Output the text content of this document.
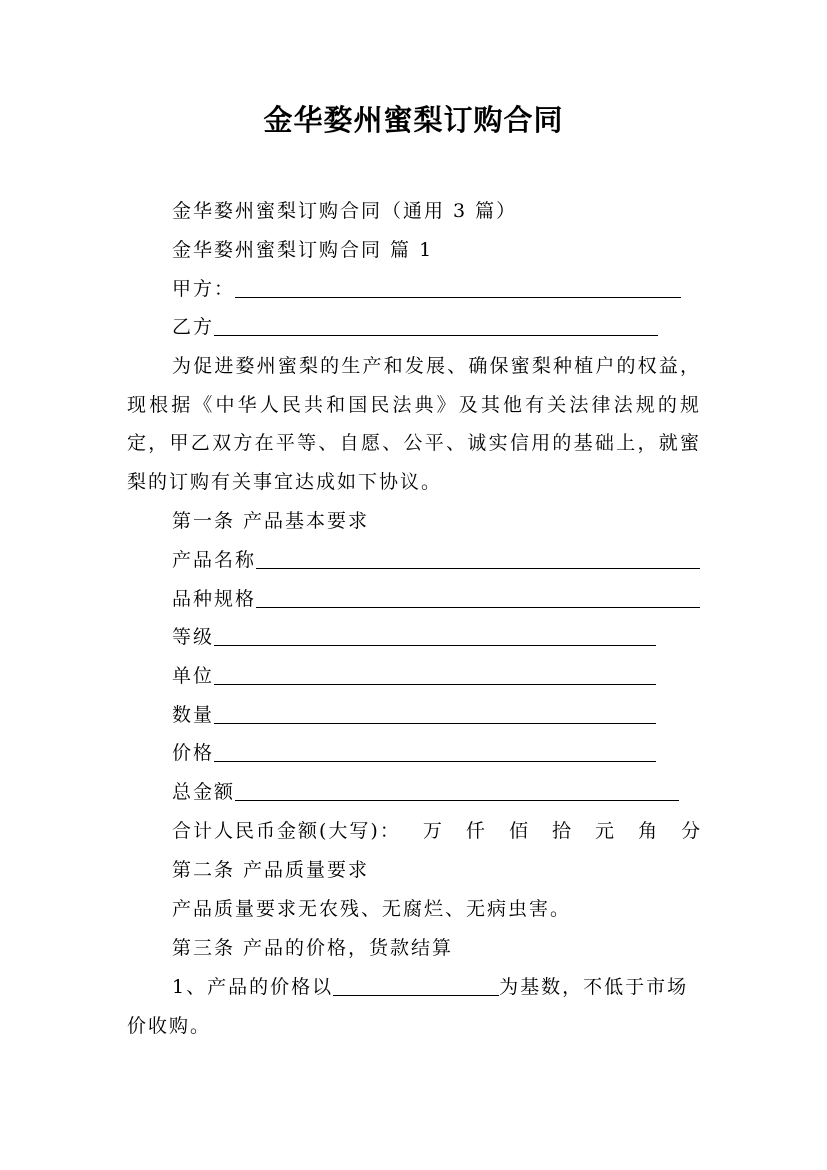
金华婺州蜜梨订购合同
金华婺州蜜梨订购合同（通用 3 篇）
金华婺州蜜梨订购合同 篇 1
甲方：
乙方
为促进婺州蜜梨的生产和发展、确保蜜梨种植户的权益，现根据《中华人民共和国民法典》及其他有关法律法规的规定，甲乙双方在平等、自愿、公平、诚实信用的基础上，就蜜梨的订购有关事宜达成如下协议。
第一条 产品基本要求
产品名称
品种规格
等级
单位
数量
价格
总金额
合计人民币金额(大写)： 万 仟 佰 拾 元 角 分
第二条 产品质量要求
产品质量要求无农残、无腐烂、无病虫害。
第三条 产品的价格，货款结算
1、产品的价格以	为基数，不低于市场
价收购。
